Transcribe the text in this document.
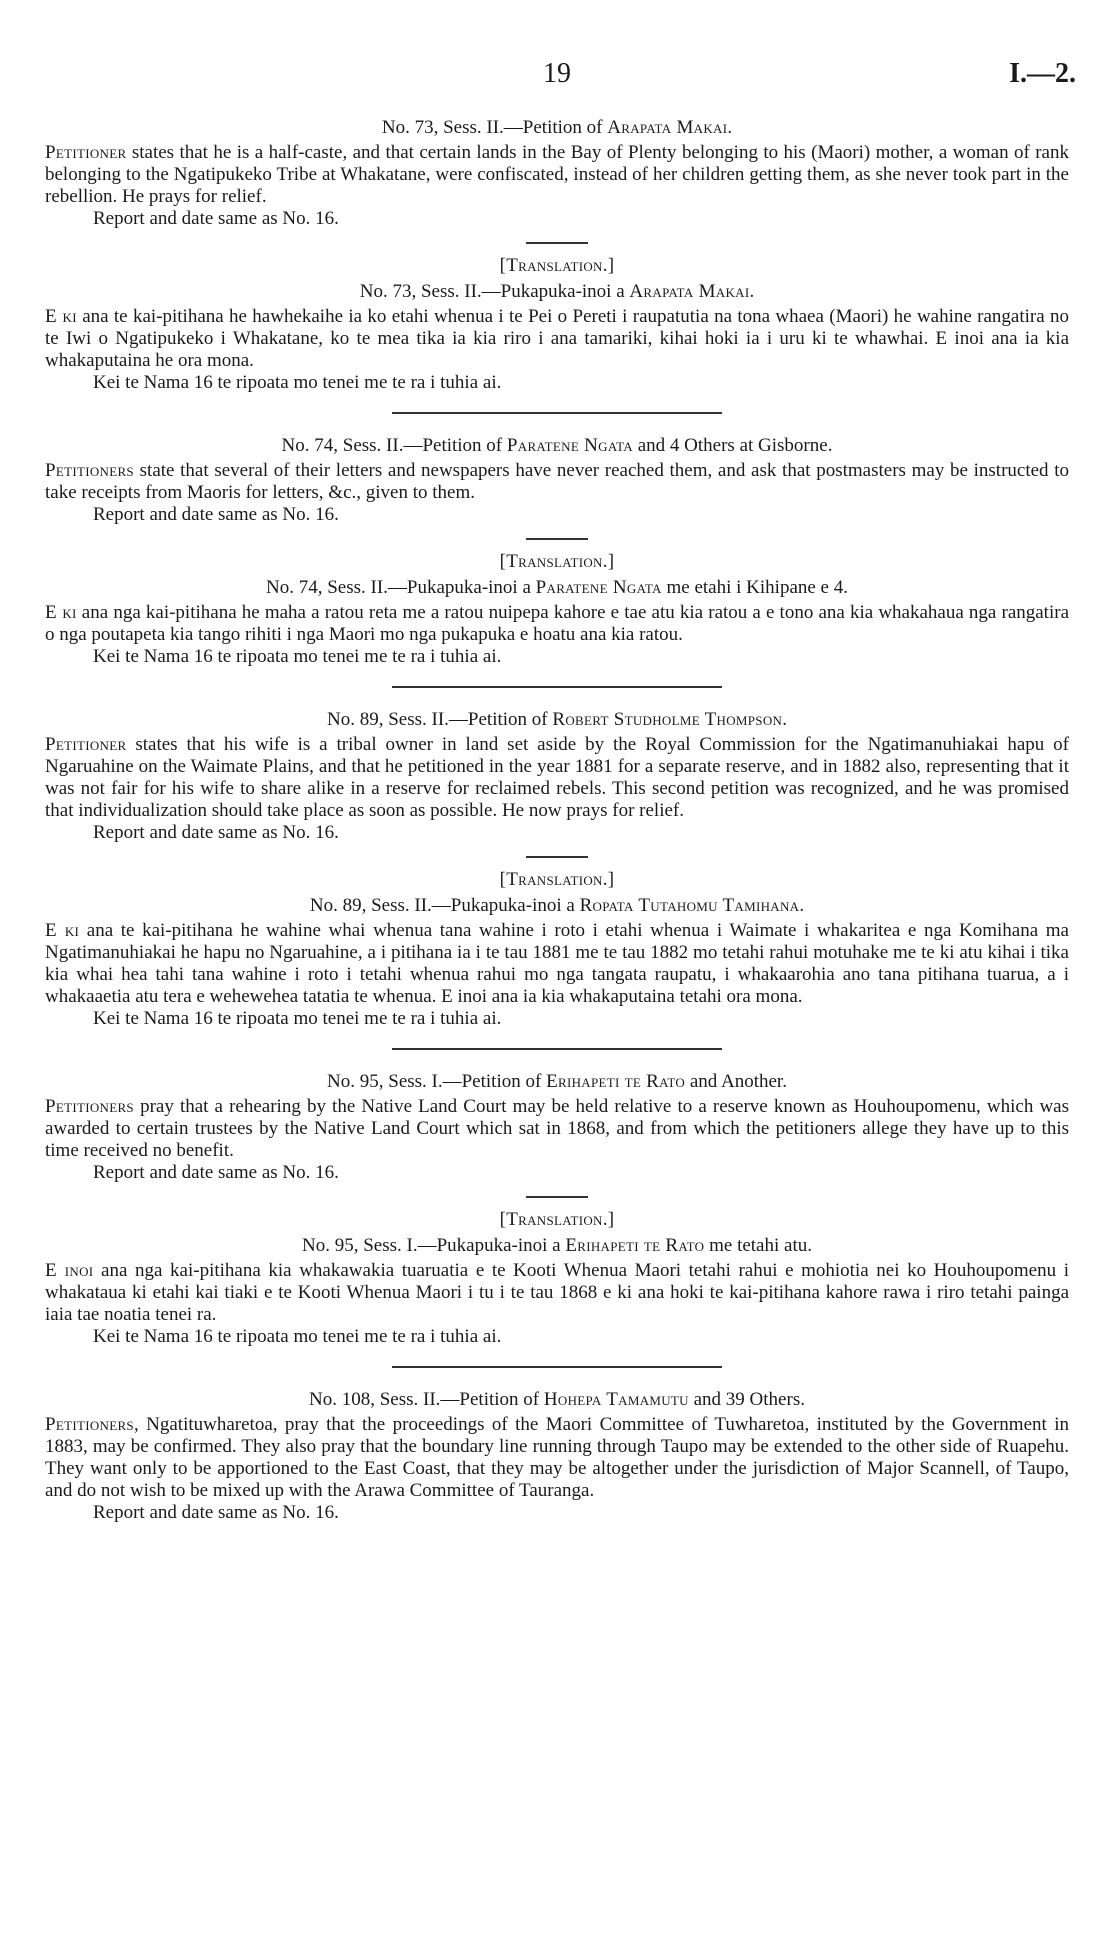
19	I.—2.

No. 73, Sess. II.—Petition of Arapata Makai.

Petitioner states that he is a half-caste, and that certain lands in the Bay of Plenty belonging to his (Maori) mother, a woman of rank belonging to the Ngatipukeko Tribe at Whakatane, were confiscated, instead of her children getting them, as she never took part in the rebellion. He prays for relief.

Report and date same as No. 16.

[Translation.]

No. 73, Sess. II.—Pukapuka-inoi a Arapata Makai.

E ki ana te kai-pitihana he hawhekaihe ia ko etahi whenua i te Pei o Pereti i raupatutia na tona whaea (Maori) he wahine rangatira no te Iwi o Ngatipukeko i Whakatane, ko te mea tika ia kia riro i ana tamariki, kihai hoki ia i uru ki te whawhai. E inoi ana ia kia whakaputaina he ora mona.

Kei te Nama 16 te ripoata mo tenei me te ra i tuhia ai.

No. 74, Sess. II.—Petition of Paratene Ngata and 4 Others at Gisborne.

Petitioners state that several of their letters and newspapers have never reached them, and ask that postmasters may be instructed to take receipts from Maoris for letters, &c., given to them.

Report and date same as No. 16.

[Translation.]

No. 74, Sess. II.—Pukapuka-inoi a Paratene Ngata me etahi i Kihipane e 4.

E ki ana nga kai-pitihana he maha a ratou reta me a ratou nuipepa kahore e tae atu kia ratou a e tono ana kia whakahaua nga rangatira o nga poutapeta kia tango rihiti i nga Maori mo nga pukapuka e hoatu ana kia ratou.

Kei te Nama 16 te ripoata mo tenei me te ra i tuhia ai.

No. 89, Sess. II.—Petition of Robert Studholme Thompson.

Petitioner states that his wife is a tribal owner in land set aside by the Royal Commission for the Ngatimanuhiakai hapu of Ngaruahine on the Waimate Plains, and that he petitioned in the year 1881 for a separate reserve, and in 1882 also, representing that it was not fair for his wife to share alike in a reserve for reclaimed rebels. This second petition was recognized, and he was promised that individualization should take place as soon as possible. He now prays for relief.

Report and date same as No. 16.

[Translation.]

No. 89, Sess. II.—Pukapuka-inoi a Ropata Tutahomu Tamihana.

E ki ana te kai-pitihana he wahine whai whenua tana wahine i roto i etahi whenua i Waimate i whakaritea e nga Komihana ma Ngatimanuhiakai he hapu no Ngaruahine, a i pitihana ia i te tau 1881 me te tau 1882 mo tetahi rahui motuhake me te ki atu kihai i tika kia whai hea tahi tana wahine i roto i tetahi whenua rahui mo nga tangata raupatu, i whakaarohia ano tana pitihana tuarua, a i whakaaetia atu tera e wehewehea tatatia te whenua. E inoi ana ia kia whakaputaina tetahi ora mona.

Kei te Nama 16 te ripoata mo tenei me te ra i tuhia ai.

No. 95, Sess. I.—Petition of Erihapeti te Rato and Another.

Petitioners pray that a rehearing by the Native Land Court may be held relative to a reserve known as Houhoupomenu, which was awarded to certain trustees by the Native Land Court which sat in 1868, and from which the petitioners allege they have up to this time received no benefit.

Report and date same as No. 16.

[Translation.]

No. 95, Sess. I.—Pukapuka-inoi a Erihapeti te Rato me tetahi atu.

E inoi ana nga kai-pitihana kia whakawakia tuaruatia e te Kooti Whenua Maori tetahi rahui e mohiotia nei ko Houhoupomenu i whakataua ki etahi kai tiaki e te Kooti Whenua Maori i tu i te tau 1868 e ki ana hoki te kai-pitihana kahore rawa i riro tetahi painga iaia tae noatia tenei ra.

Kei te Nama 16 te ripoata mo tenei me te ra i tuhia ai.

No. 108, Sess. II.—Petition of Hohepa Tamamutu and 39 Others.

Petitioners, Ngatituwharetoa, pray that the proceedings of the Maori Committee of Tuwharetoa, instituted by the Government in 1883, may be confirmed. They also pray that the boundary line running through Taupo may be extended to the other side of Ruapehu. They want only to be apportioned to the East Coast, that they may be altogether under the jurisdiction of Major Scannell, of Taupo, and do not wish to be mixed up with the Arawa Committee of Tauranga.

Report and date same as No. 16.
